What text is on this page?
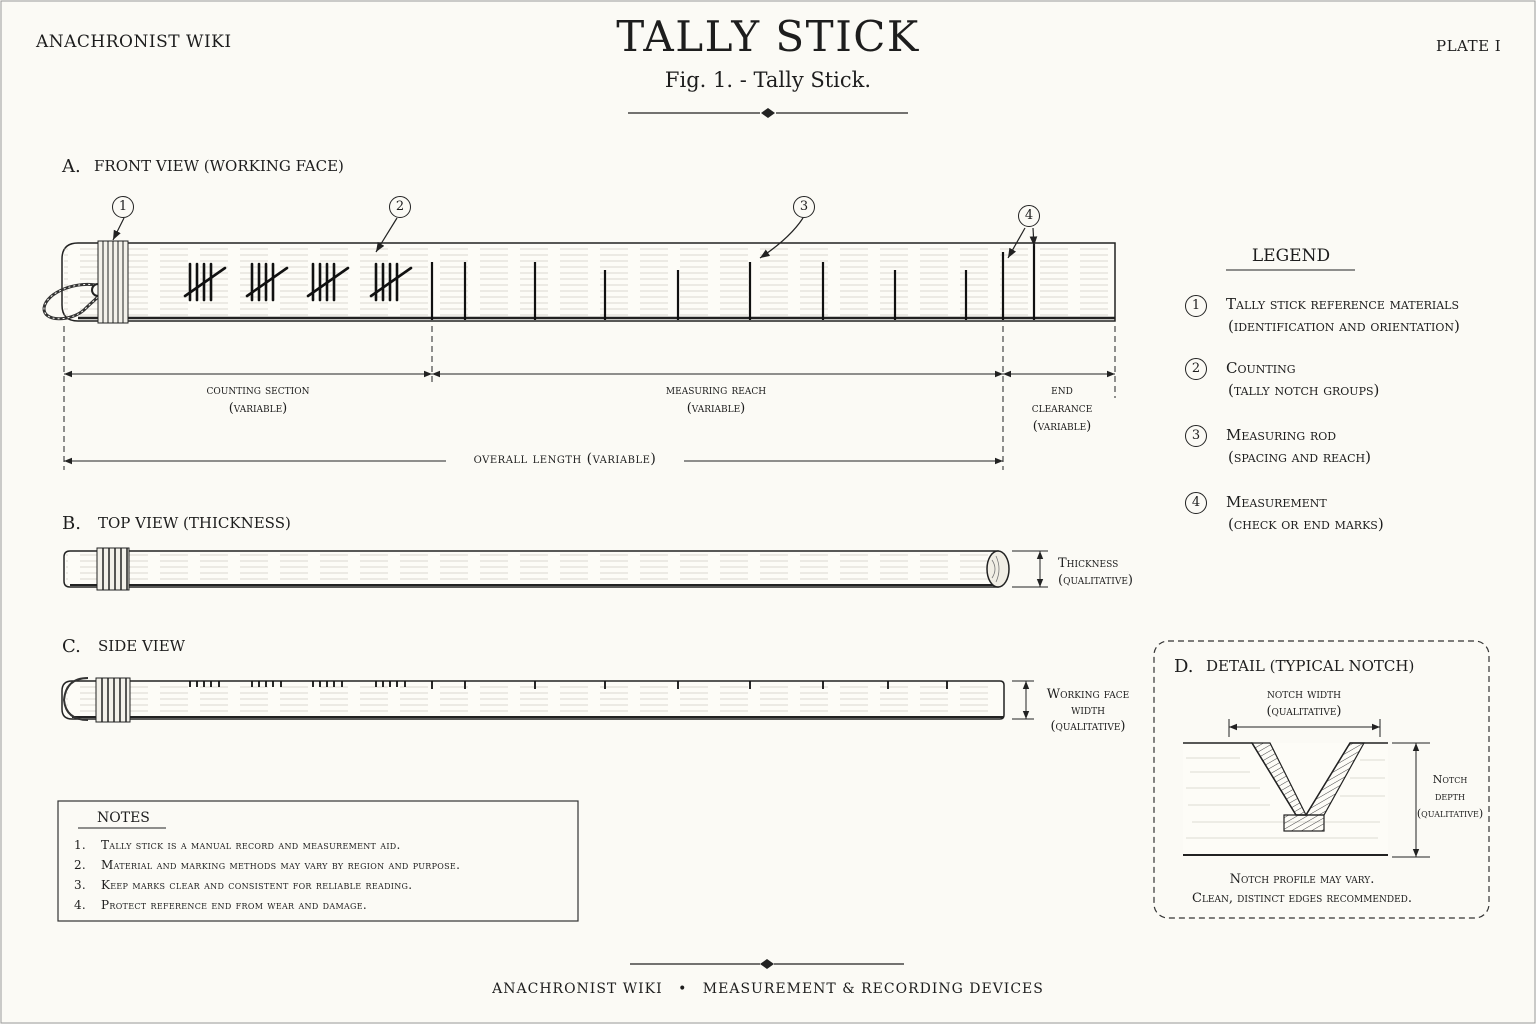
ANACHRONIST WIKI	TALLY STICK
Fig. 1. - Tally Stick.
PLATE I
A. FRONT VIEW (WORKING FACE)
B. TOP VIEW (THICKNESS)
C. SIDE VIEW
D. DETAIL (TYPICAL NOTCH)
1	2	3
4
counting section
(variable)
measuring reach
(variable)
end
clearance
(variable)
overall length (variable)
Thickness
(qualitative)
Working face
width
(qualitative)
notch width
(qualitative)
Notch
depth
(qualitative)
Notch profile may vary.
Clean, distinct edges recommended.
LEGEND
1	Tally stick reference materials
(identification and orientation)
2	Counting
(tally notch groups)
3	Measuring rod
(spacing and reach)
4	Measurement
(check or end marks)
NOTES
1. Tally stick is a manual record and measurement aid.
2. Material and marking methods may vary by region and purpose.
3. Keep marks clear and consistent for reliable reading.
4. Protect reference end from wear and damage.
ANACHRONIST WIKI • MEASUREMENT & RECORDING DEVICES
